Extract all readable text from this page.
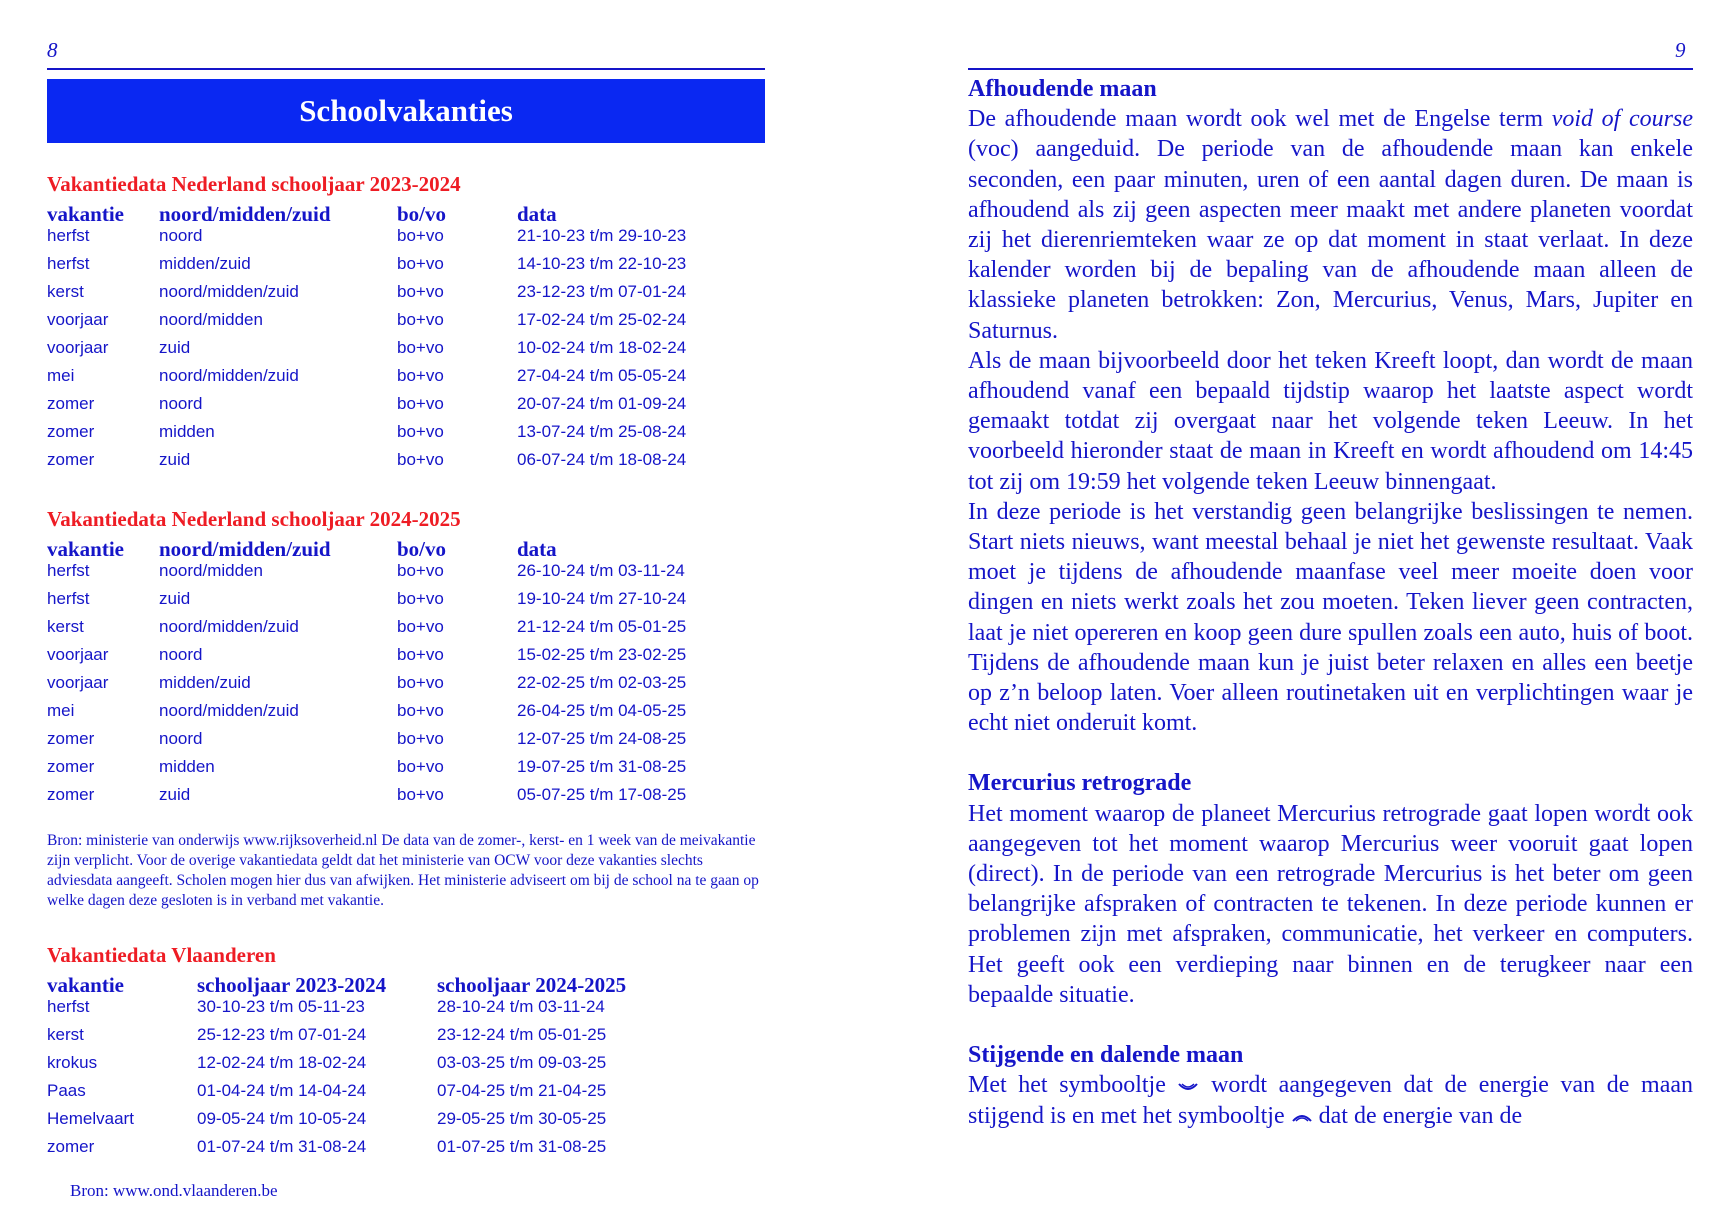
8
Schoolvakanties
Vakantiedata Nederland schooljaar 2023-2024
vakantie	noord/midden/zuid	bo/vo	data
herfst	noord	bo+vo	21-10-23 t/m 29-10-23
herfst	midden/zuid	bo+vo	14-10-23 t/m 22-10-23
kerst	noord/midden/zuid	bo+vo	23-12-23 t/m 07-01-24
voorjaar	noord/midden	bo+vo	17-02-24 t/m 25-02-24
voorjaar	zuid	bo+vo	10-02-24 t/m 18-02-24
mei	noord/midden/zuid	bo+vo	27-04-24 t/m 05-05-24
zomer	noord	bo+vo	20-07-24 t/m 01-09-24
zomer	midden	bo+vo	13-07-24 t/m 25-08-24
zomer	zuid	bo+vo	06-07-24 t/m 18-08-24
Vakantiedata Nederland schooljaar 2024-2025
vakantie	noord/midden/zuid	bo/vo	data
herfst	noord/midden	bo+vo	26-10-24 t/m 03-11-24
herfst	zuid	bo+vo	19-10-24 t/m 27-10-24
kerst	noord/midden/zuid	bo+vo	21-12-24 t/m 05-01-25
voorjaar	noord	bo+vo	15-02-25 t/m 23-02-25
voorjaar	midden/zuid	bo+vo	22-02-25 t/m 02-03-25
mei	noord/midden/zuid	bo+vo	26-04-25 t/m 04-05-25
zomer	noord	bo+vo	12-07-25 t/m 24-08-25
zomer	midden	bo+vo	19-07-25 t/m 31-08-25
zomer	zuid	bo+vo	05-07-25 t/m 17-08-25
Bron: ministerie van onderwijs www.rijksoverheid.nl De data van de zomer-, kerst- en 1 week van de meivakantie zijn verplicht. Voor de overige vakantiedata geldt dat het ministerie van OCW voor deze vakanties slechts adviesdata aangeeft. Scholen mogen hier dus van afwijken. Het ministerie adviseert om bij de school na te gaan op welke dagen deze gesloten is in verband met vakantie.
Vakantiedata Vlaanderen
vakantie	schooljaar 2023-2024	schooljaar 2024-2025
herfst	30-10-23 t/m 05-11-23	28-10-24 t/m 03-11-24
kerst	25-12-23 t/m 07-01-24	23-12-24 t/m 05-01-25
krokus	12-02-24 t/m 18-02-24	03-03-25 t/m 09-03-25
Paas	01-04-24 t/m 14-04-24	07-04-25 t/m 21-04-25
Hemelvaart	09-05-24 t/m 10-05-24	29-05-25 t/m 30-05-25
zomer	01-07-24 t/m 31-08-24	01-07-25 t/m 31-08-25
Bron: www.ond.vlaanderen.be
9
Afhoudende maan

De afhoudende maan wordt ook wel met de Engelse term void of course (voc) aangeduid. De periode van de afhoudende maan kan enkele seconden, een paar minuten, uren of een aantal dagen duren. De maan is afhoudend als zij geen aspecten meer maakt met andere planeten voordat zij het dierenriemteken waar ze op dat moment in staat verlaat. In deze kalender worden bij de bepaling van de afhoudende maan alleen de klassieke planeten betrokken: Zon, Mercurius, Venus, Mars, Jupiter en Saturnus.

Als de maan bijvoorbeeld door het teken Kreeft loopt, dan wordt de maan afhoudend vanaf een bepaald tijdstip waarop het laatste aspect wordt gemaakt totdat zij overgaat naar het volgende teken Leeuw. In het voorbeeld hieronder staat de maan in Kreeft en wordt afhoudend om 14:45 tot zij om 19:59 het volgende teken Leeuw binnengaat.

In deze periode is het verstandig geen belangrijke beslissingen te nemen. Start niets nieuws, want meestal behaal je niet het gewenste resultaat. Vaak moet je tijdens de afhoudende maanfase veel meer moeite doen voor dingen en niets werkt zoals het zou moeten. Teken liever geen contracten, laat je niet opereren en koop geen dure spullen zoals een auto, huis of boot. Tijdens de afhoudende maan kun je juist beter relaxen en alles een beetje op z’n beloop laten. Voer alleen routinetaken uit en verplichtingen waar je echt niet onderuit komt.

Mercurius retrograde

Het moment waarop de planeet Mercurius retrograde gaat lopen wordt ook aangegeven tot het moment waarop Mercurius weer vooruit gaat lopen (direct). In de periode van een retrograde Mercurius is het beter om geen belangrijke afspraken of contracten te tekenen. In deze periode kunnen er problemen zijn met afspraken, communicatie, het verkeer en computers. Het geeft ook een verdieping naar binnen en de terugkeer naar een bepaalde situatie.

Stijgende en dalende maan

Met het symbooltje  wordt aangegeven dat de energie van de maan stijgend is en met het symbooltje  dat de energie van de
